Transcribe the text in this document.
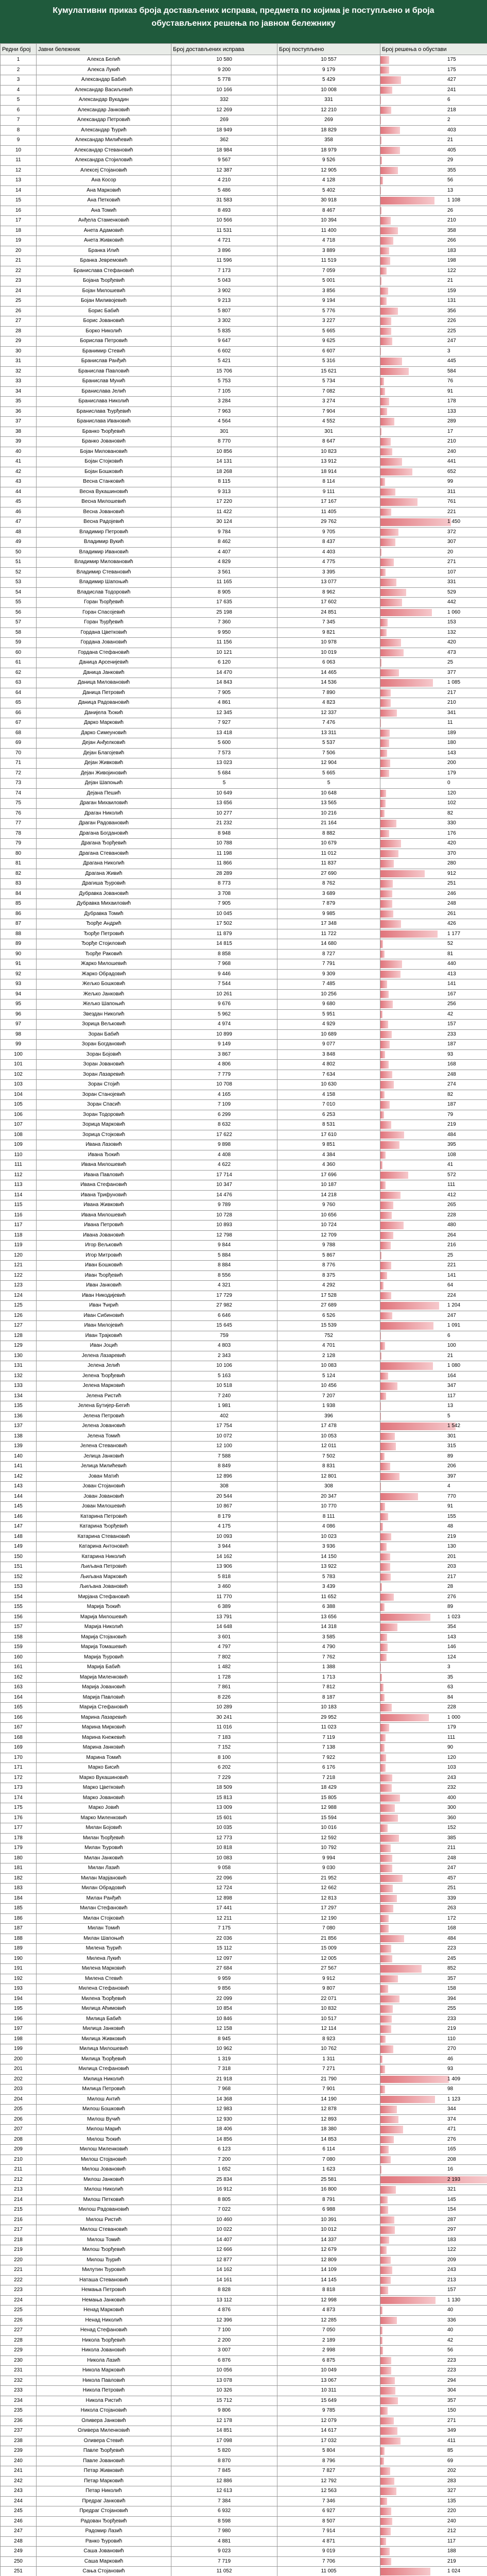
Кумулативни приказ броја достављених исправа, предмета по којима је поступљено и броја
обустављених решења по јавном бележнику
Редни број	Јавни бележник	Број достављених исправа	Број поступљено	Број решења о обустави
1	Алекса Белић	10 580	10 557	175
2	Алекса Лукић	9 200	9 179	175
3	Александар Бабић	5 778	5 429	427
4	Александар Васиљевић	10 166	10 008	241
5	Александар Вукадин	332	331	6
6	Александар Јанковић	12 269	12 210	218
7	Александар Петровић	269	269	2
8	Александар Ђурић	18 949	18 829	403
9	Александар Милићевић	362	358	21
10	Александар Стевановић	18 984	18 979	405
11	Александра Стојиловић	9 567	9 526	29
12	Алексеј Стојановић	12 387	12 905	355
13	Ана Косор	4 210	4 128	56
14	Ана Марковић	5 486	5 402	13
15	Ана Петковић	31 583	30 918	1 108
16	Ана Томић	8 493	8 467	26
17	Анђела Стаменковић	10 566	10 394	210
18	Анета Адамовић	11 531	11 400	358
19	Анета Живковић	4 721	4 718	266
20	Бранка Илић	3 896	3 889	183
21	Бранка Јевремовић	11 596	11 519	198
22	Бранислава Стефановић	7 173	7 059	122
23	Бојана Ђорђевић	5 043	5 001	21
24	Бојан Милошевић	3 902	3 856	159
25	Бојан Миливојевић	9 213	9 194	131
26	Борис Бабић	5 807	5 776	356
27	Борис Јовановић	3 302	3 227	226
28	Борко Николић	5 835	5 665	225
29	Борислав Петровић	9 647	9 625	247
30	Бранимир Стевић	6 602	6 607	3
31	Бранислав Ранђић	5 421	5 316	445
32	Бранислав Павловић	15 706	15 621	584
33	Бранислав Мунић	5 753	5 734	76
34	Бранислава Јелић	7 105	7 082	91
35	Бранислава Николић	3 284	3 274	178
36	Бранислава Ђурђевић	7 963	7 904	133
37	Бранислава Ивановић	4 564	4 552	289
38	Бранко Ђорђевић	301	301	17
39	Бранко Јовановић	8 770	8 647	210
40	Бојан Миловановић	10 856	10 823	240
41	Бојан Стојковић	14 131	13 912	441
42	Бојан Бошковић	18 268	18 914	652
43	Весна Станковић	8 115	8 114	99
44	Весна Вукашиновић	9 313	9 111	311
45	Весна Милошевић	17 220	17 167	761
46	Весна Јовановић	11 422	11 405	221
47	Весна Радојевић	30 124	29 762	1 450
48	Владимир Петровић	9 784	9 705	372
49	Владимир Вукић	8 462	8 437	307
50	Владимир Ивановић	4 407	4 403	20
51	Владимир Миловановић	4 829	4 775	271
52	Владимир Стевановић	3 561	3 395	107
53	Владимир Шапоњић	11 165	13 077	331
54	Владислав Тодоровић	8 905	8 962	529
55	Горан Ђорђевић	17 635	17 602	442
56	Горан Спасојевић	25 198	24 851	1 060
57	Горан Ђурђевић	7 360	7 345	153
58	Гордана Цветковић	9 950	9 821	132
59	Гордана Јовановић	11 156	10 978	420
60	Гордана Стефановић	10 121	10 019	473
61	Даница Арсенијевић	6 120	6 063	25
62	Даница Јанковић	14 470	14 465	377
63	Даница Миловановић	14 843	14 536	1 085
64	Даница Петровић	7 905	7 890	217
65	Даница Радовановић	4 861	4 823	210
66	Данијела Ђокић	12 345	12 337	341
67	Дарко Марковић	7 927	7 476	11
68	Дарко Симеуновић	13 418	13 311	189
69	Дејан Анђелковић	5 600	5 537	180
70	Дејан Благојевић	7 573	7 506	143
71	Дејан Живковић	13 023	12 904	200
72	Дејан Живојиновић	5 684	5 665	179
73	Дејан Шапоњић	5	5	0
74	Дејана Пешић	10 649	10 648	120
75	Драган Михаиловић	13 656	13 565	102
76	Драган Николић	10 277	10 216	82
77	Драган Радовановић	21 232	21 164	330
78	Драгана Богдановић	8 948	8 882	176
79	Драгана Ђорђевић	10 788	10 679	420
80	Драгана Стевановић	11 198	11 012	370
81	Драгана Николић	11 866	11 837	280
82	Драгана Живић	28 289	27 690	912
83	Драгиша Ђуровић	8 773	8 762	251
84	Дубравка Јовановић	3 708	3 689	246
85	Дубравка Михаиловић	7 905	7 879	248
86	Дубравка Томић	10 045	9 985	261
87	Ђорђе Андрић	17 502	17 348	426
88	Ђорђе Петровић	11 879	11 722	1 177
89	Ђорђе Стојиловић	14 815	14 680	52
90	Ђорђе Раковић	8 858	8 727	81
91	Жарко Милошевић	7 968	7 791	440
92	Жарко Обрадовић	9 446	9 309	413
93	Жељко Бошковић	7 544	7 485	141
94	Жељко Јанковић	10 261	10 256	167
95	Жељко Шапоњић	9 676	9 680	256
96	Звездан Николић	5 962	5 951	42
97	Зорица Вељковић	4 974	4 929	157
98	Зоран Бабић	10 899	10 689	233
99	Зоран Богдановић	9 149	9 077	187
100	Зоран Бојовић	3 867	3 848	93
101	Зоран Јовановић	4 806	4 802	168
102	Зоран Лазаревић	7 779	7 634	248
103	Зоран Стојић	10 708	10 630	274
104	Зоран Станојевић	4 165	4 158	82
105	Зоран Спасић	7 109	7 010	187
106	Зоран Тодоровић	6 299	6 253	79
107	Зорица Марковић	8 632	8 531	219
108	Зорица Стојковић	17 622	17 610	484
109	Ивана Лазовић	9 898	9 851	395
110	Ивана Ђокић	4 408	4 384	108
111	Ивана Милошевић	4 622	4 360	41
112	Ивана Павловић	17 714	17 696	572
113	Ивана Стефановић	10 347	10 187	111
114	Ивана Трифуновић	14 476	14 218	412
115	Ивана Живковић	9 789	9 760	265
116	Ивана Милошевић	10 728	10 656	228
117	Ивана Петровић	10 893	10 724	480
118	Ивана Јовановић	12 798	12 709	264
119	Игор Вељковић	9 844	9 788	216
120	Игор Митровић	5 884	5 867	25
121	Иван Бошковић	8 884	8 776	221
122	Иван Ђорђевић	8 556	8 375	141
123	Иван Јанковић	4 321	4 292	64
124	Иван Никодијевић	17 729	17 528	224
125	Иван Ћирић	27 982	27 689	1 204
126	Иван Сибиновић	6 646	6 526	247
127	Иван Милојевић	15 645	15 539	1 091
128	Иван Трајковић	759	752	6
129	Иван Јоцић	4 803	4 701	100
130	Јелена Лазаревић	2 343	2 128	21
131	Јелена Јелић	10 106	10 083	1 080
132	Јелена Ђорђевић	5 163	5 124	164
133	Јелена Марковић	10 518	10 456	347
134	Јелена Ристић	7 240	7 207	117
135	Јелена Бутијер-Бегић	1 981	1 938	13
136	Јелена Петровић	402	396	5
137	Јелена Јовановић	17 754	17 478	1 542
138	Јелена Томић	10 072	10 053	301
139	Јелена Стевановић	12 100	12 011	315
140	Јелица Јанковић	7 588	7 502	89
141	Јелица Милићевић	8 849	8 831	206
142	Јован Матић	12 896	12 801	397
143	Јован Стојановић	308	308	4
144	Јован Јовановић	20 544	20 347	770
145	Јован Милошевић	10 867	10 770	91
146	Катарина Петровић	8 179	8 111	155
147	Катарина Ђорђевић	4 175	4 086	48
148	Катарина Стевановић	10 093	10 023	219
149	Катарина Антоновић	3 944	3 936	130
150	Катарина Николић	14 162	14 150	201
151	Љиљана Петровић	13 906	13 922	203
152	Љиљана Марковић	5 818	5 783	217
153	Љиљана Јовановић	3 460	3 439	28
154	Мирјана Стефановић	11 770	11 652	276
155	Марија Ђокић	6 389	6 388	89
156	Марија Милошевић	13 791	13 656	1 023
157	Марија Николић	14 648	14 318	354
158	Марија Стојановић	3 601	3 585	143
159	Марија Томашевић	4 797	4 790	146
160	Марија Ђуровић	7 802	7 762	124
161	Марија Бабић	1 482	1 388	3
162	Марија Миленковић	1 728	1 713	35
163	Марија Јовановић	7 861	7 812	63
164	Марија Павловић	8 226	8 187	84
165	Марија Стефановић	10 289	10 183	228
166	Марина Лазаревић	30 241	29 952	1 000
167	Марина Мирковић	11 016	11 023	179
168	Марина Кнежевић	7 183	7 119	111
169	Марина Јанковић	7 152	7 138	90
170	Марина Томић	8 100	7 922	120
171	Марко Бисић	6 202	6 176	103
172	Марко Вукашиновић	7 229	7 218	243
173	Марко Цветковић	18 509	18 429	232
174	Марко Јовановић	15 813	15 805	400
175	Марко Јовић	13 009	12 988	300
176	Марко Миленковић	15 601	15 594	360
177	Милан Бојовић	10 035	10 016	152
178	Милан Ђорђевић	12 773	12 592	385
179	Милан Ђуровић	10 818	10 792	211
180	Милан Јанковић	10 083	9 994	248
181	Милан Лазић	9 058	9 030	247
182	Милан Марјановић	22 096	21 952	457
183	Милан Обрадовић	12 724	12 662	251
184	Милан Ранђић	12 898	12 813	339
185	Милан Стефановић	17 441	17 297	263
186	Милан Стојковић	12 211	12 190	172
187	Милан Томић	7 175	7 080	168
188	Милан Шапоњић	22 036	21 856	484
189	Милена Ђурић	15 112	15 009	223
190	Милена Лукић	12 097	12 005	245
191	Милена Марковић	27 684	27 567	852
192	Милена Стевић	9 959	9 912	357
193	Милена Стефановић	9 856	9 807	158
194	Милена Ђорђевић	22 099	22 071	394
195	Милица Аћимовић	10 854	10 832	255
196	Милица Бабић	10 846	10 517	233
197	Милица Јанковић	12 158	12 114	219
198	Милица Живковић	8 945	8 923	110
199	Милица Милошевић	10 962	10 762	270
200	Милица Ђорђевић	1 319	1 311	46
201	Милица Стефановић	7 318	7 271	93
202	Милица Николић	21 918	21 790	1 409
203	Милица Петровић	7 968	7 901	98
204	Милош Антић	14 368	14 190	1 123
205	Милош Бошковић	12 983	12 878	344
206	Милош Вучић	12 930	12 893	374
207	Милош Марић	18 406	18 380	471
208	Милош Ђокић	14 856	14 853	276
209	Милош Миленковић	6 123	6 114	165
210	Милош Стојановић	7 200	7 080	208
211	Милош Јовановић	1 652	1 623	16
212	Милош Јанковић	25 834	25 581	2 193
213	Милош Николић	16 912	16 800	321
214	Милош Петковић	8 805	8 791	145
215	Милош Радовановић	7 022	6 988	154
216	Милош Ристић	10 460	10 391	287
217	Милош Стевановић	10 022	10 012	297
218	Милош Томић	14 407	14 337	183
219	Милош Ђорђевић	12 666	12 679	122
220	Милош Ђурић	12 877	12 809	209
221	Милутин Ђуровић	14 162	14 109	243
222	Наташа Стевановић	14 161	14 145	213
223	Немања Петровић	8 828	8 818	157
224	Немања Јанковић	13 112	12 998	1 130
225	Ненад Марковић	4 876	4 873	40
226	Ненад Николић	12 396	12 285	336
227	Ненад Стефановић	7 100	7 050	40
228	Никола Ђорђевић	2 200	2 189	42
229	Никола Јовановић	3 007	2 998	56
230	Никола Лазић	6 876	6 875	223
231	Никола Марковић	10 056	10 049	223
232	Никола Павловић	13 078	13 067	294
233	Никола Петровић	10 326	10 311	304
234	Никола Ристић	15 712	15 649	357
235	Никола Стојановић	9 806	9 785	150
236	Оливера Јанковић	12 178	12 079	271
237	Оливера Миленковић	14 851	14 617	349
238	Оливера Стевић	17 098	17 032	411
239	Павле Ђорђевић	5 820	5 804	85
240	Павле Јовановић	8 870	8 796	69
241	Петар Живковић	7 845	7 827	202
242	Петар Марковић	12 886	12 792	283
243	Петар Николић	12 613	12 563	327
244	Предраг Јанковић	7 384	7 346	135
245	Предраг Стојановић	6 932	6 927	220
246	Радован Ђорђевић	8 598	8 507	240
247	Радомир Лазић	7 980	7 914	212
248	Ранко Ђуровић	4 881	4 871	117
249	Саша Јовановић	9 023	9 019	188
250	Саша Марковић	7 719	7 706	219
251	Сања Стојановић	11 052	11 005	1 024
